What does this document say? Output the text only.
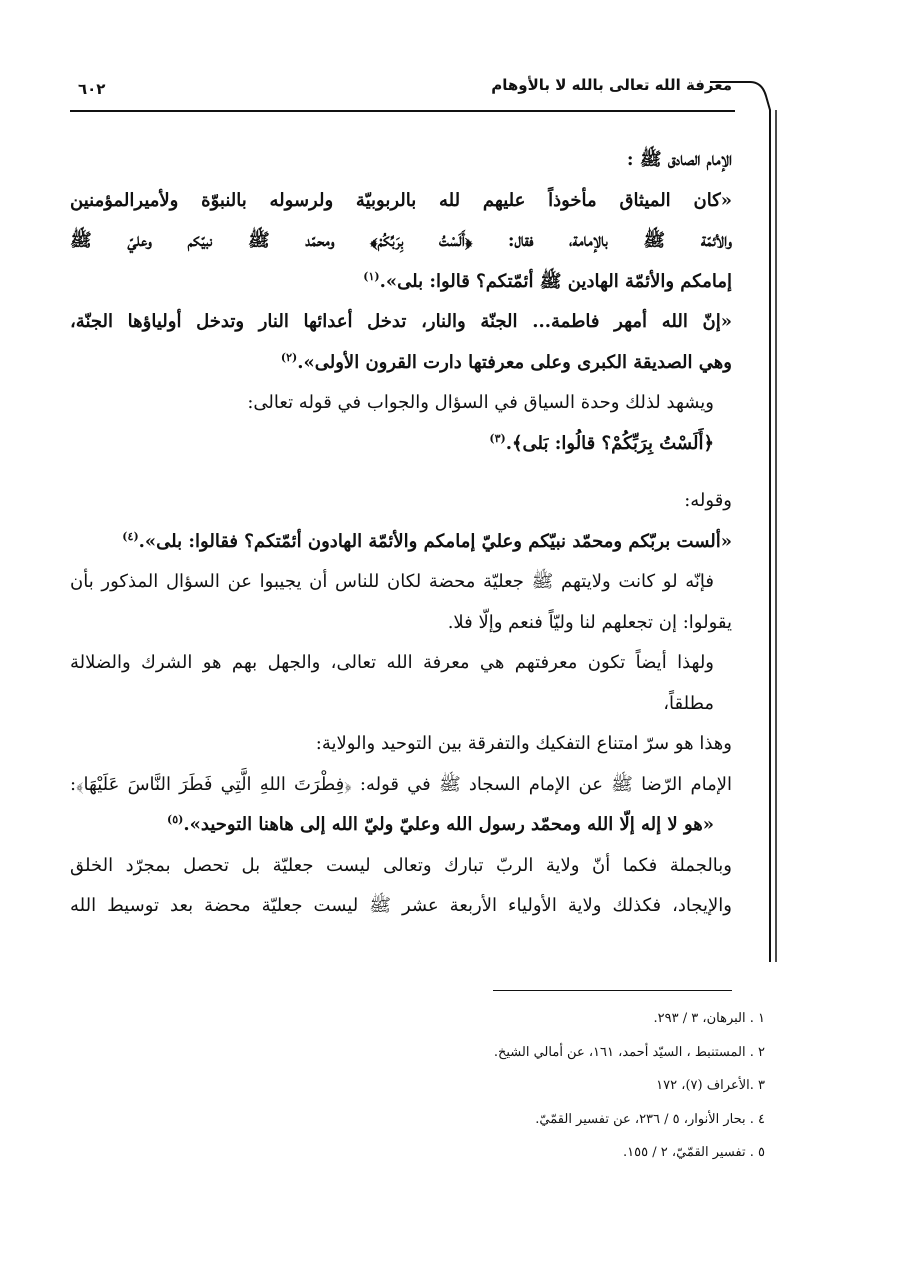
معرفة الله تعالى بالله لا بالأوهام
٦٠٢

الإمام الصادق ﷺ :

«كان الميثاق مأخوذاً عليهم لله بالربوبيّة ولرسوله بالنبوّة ولأميرالمؤمنين

والأئمّة ﷺ بالإمامة، فقال: ﴿أَلَسْتُ بِرَبِّكُمْ﴾ ومحمّد ﷺ نبيّكم وعليّ ﷺ

إمامكم والأئمّة الهادين ﷺ أئمّتكم؟ قالوا: بلى».$^{(١)}$

«إنّ الله أمهر فاطمة... الجنّة والنار، تدخل أعدائها النار وتدخل أولياؤها الجنّة،

وهي الصديقة الكبرى وعلى معرفتها دارت القرون الأولى».$^{(٢)}$

ويشهد لذلك وحدة السياق في السؤال والجواب في قوله تعالى:

﴿أَلَسْتُ بِرَبِّكُمْ؟ قالُوا: بَلى﴾.$^{(٣)}$

وقوله:

«ألست بربّكم ومحمّد نبيّكم وعليّ إمامكم والأئمّة الهادون أئمّتكم؟ فقالوا: بلى».$^{(٤)}$

فإنّه لو كانت ولايتهم ﷺ جعليّة محضة لكان للناس أن يجيبوا عن السؤال المذكور بأن

يقولوا: إن تجعلهم لنا وليّاً فنعم وإلّا فلا.

ولهذا أيضاً تكون معرفتهم هي معرفة الله تعالى، والجهل بهم هو الشرك والضلالة مطلقاً،

وهذا هو سرّ امتناع التفكيك والتفرقة بين التوحيد والولاية:

الإمام الرّضا ﷺ عن الإمام السجاد ﷺ في قوله: ﴿فِطْرَتَ اللهِ الَّتِي فَطَرَ النَّاسَ عَلَيْهَا﴾:

«هو لا إله إلّا الله ومحمّد رسول الله وعليّ وليّ الله إلى هاهنا التوحيد».$^{(٥)}$

وبالجملة فكما أنّ ولاية الربّ تبارك وتعالى ليست جعليّة بل تحصل بمجرّد الخلق

والإيجاد، فكذلك ولاية الأولياء الأربعة عشر ﷺ ليست جعليّة محضة بعد توسيط الله

١ . البرهان، ٣ / ٢٩٣.
٢ . المستنبط ، السيّد أحمد، ١٦١، عن أمالي الشيخ.
٣ .الأعراف (٧)، ١٧٢
٤ . بحار الأنوار، ٥ / ٢٣٦، عن تفسير القمّيّ.
٥ . تفسير القمّيّ، ٢ / ١٥٥.
